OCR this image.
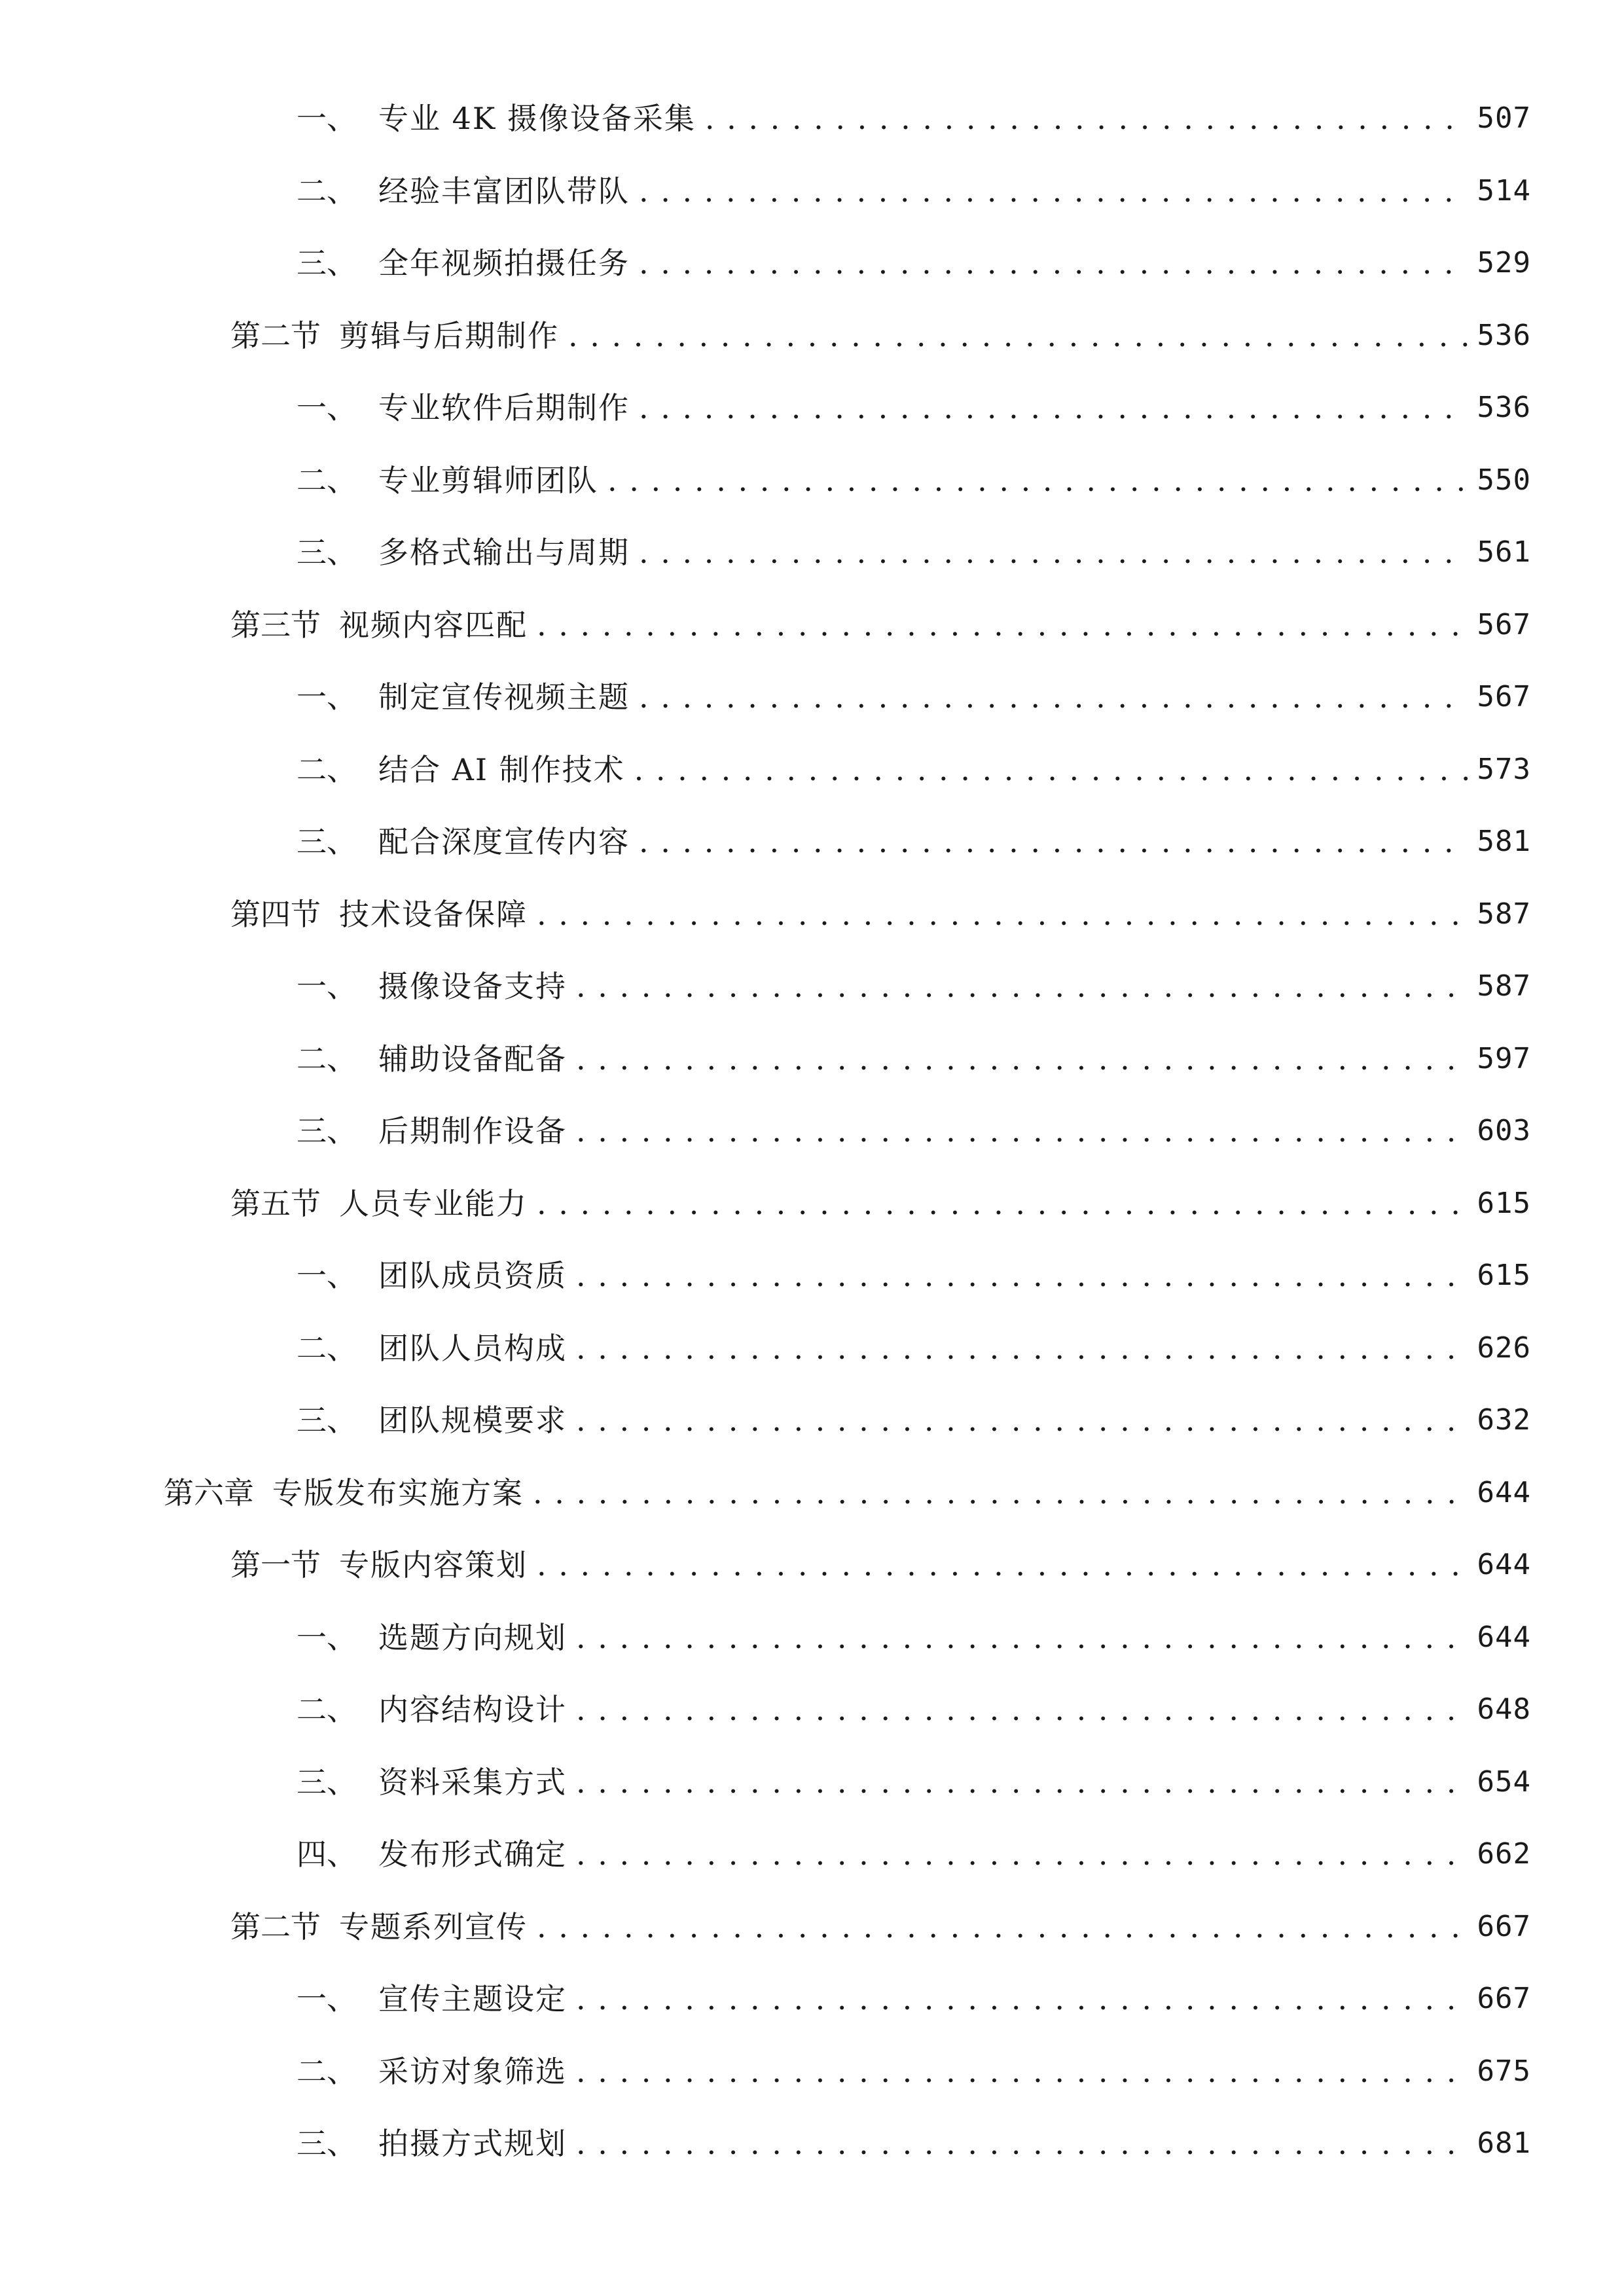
一、 专业 4K 摄像设备采集 . . .	507
二、 经验丰富团队带队 . . .	514
三、 全年视频拍摄任务 . . .	529
第二节 剪辑与后期制作 . . .	536
一、 专业软件后期制作 . . .	536
二、 专业剪辑师团队 . . .	550
三、 多格式输出与周期 . . .	561
第三节 视频内容匹配 . . .	567
一、 制定宣传视频主题 . . .	567
二、 结合 AI 制作技术 . . .	573
三、 配合深度宣传内容 . . .	581
第四节 技术设备保障 . . .	587
一、 摄像设备支持 . . .	587
二、 辅助设备配备 . . .	597
三、 后期制作设备 . . .	603
第五节 人员专业能力 . . .	615
一、 团队成员资质 . . .	615
二、 团队人员构成 . . .	626
三、 团队规模要求 . . .	632
第六章 专版发布实施方案 . . .	644
第一节 专版内容策划 . . .	644
一、 选题方向规划 . . .	644
二、 内容结构设计 . . .	648
三、 资料采集方式 . . .	654
四、 发布形式确定 . . .	662
第二节 专题系列宣传 . . .	667
一、 宣传主题设定 . . .	667
二、 采访对象筛选 . . .	675
三、 拍摄方式规划 . . .	681
